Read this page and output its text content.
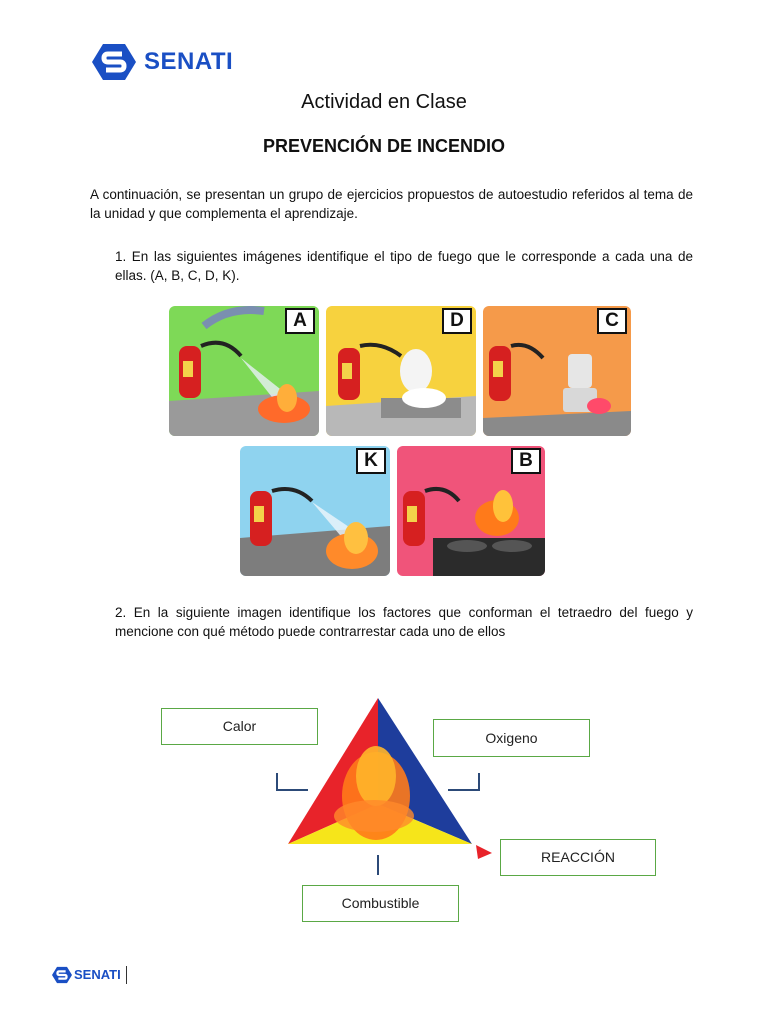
SENATI
Actividad en Clase
PREVENCIÓN DE INCENDIO
A continuación, se presentan un grupo de ejercicios propuestos de autoestudio referidos al tema de la unidad y que complementa el aprendizaje.
1. En las siguientes imágenes identifique el tipo de fuego que le corresponde a cada una de ellas. (A, B, C, D, K).
A	D	C
K	B
2. En la siguiente imagen identifique los factores que conforman el tetraedro del fuego y mencione con qué método puede contrarrestar cada uno de ellos
Calor
Oxigeno
REACCIÓN
Combustible
SENATI
